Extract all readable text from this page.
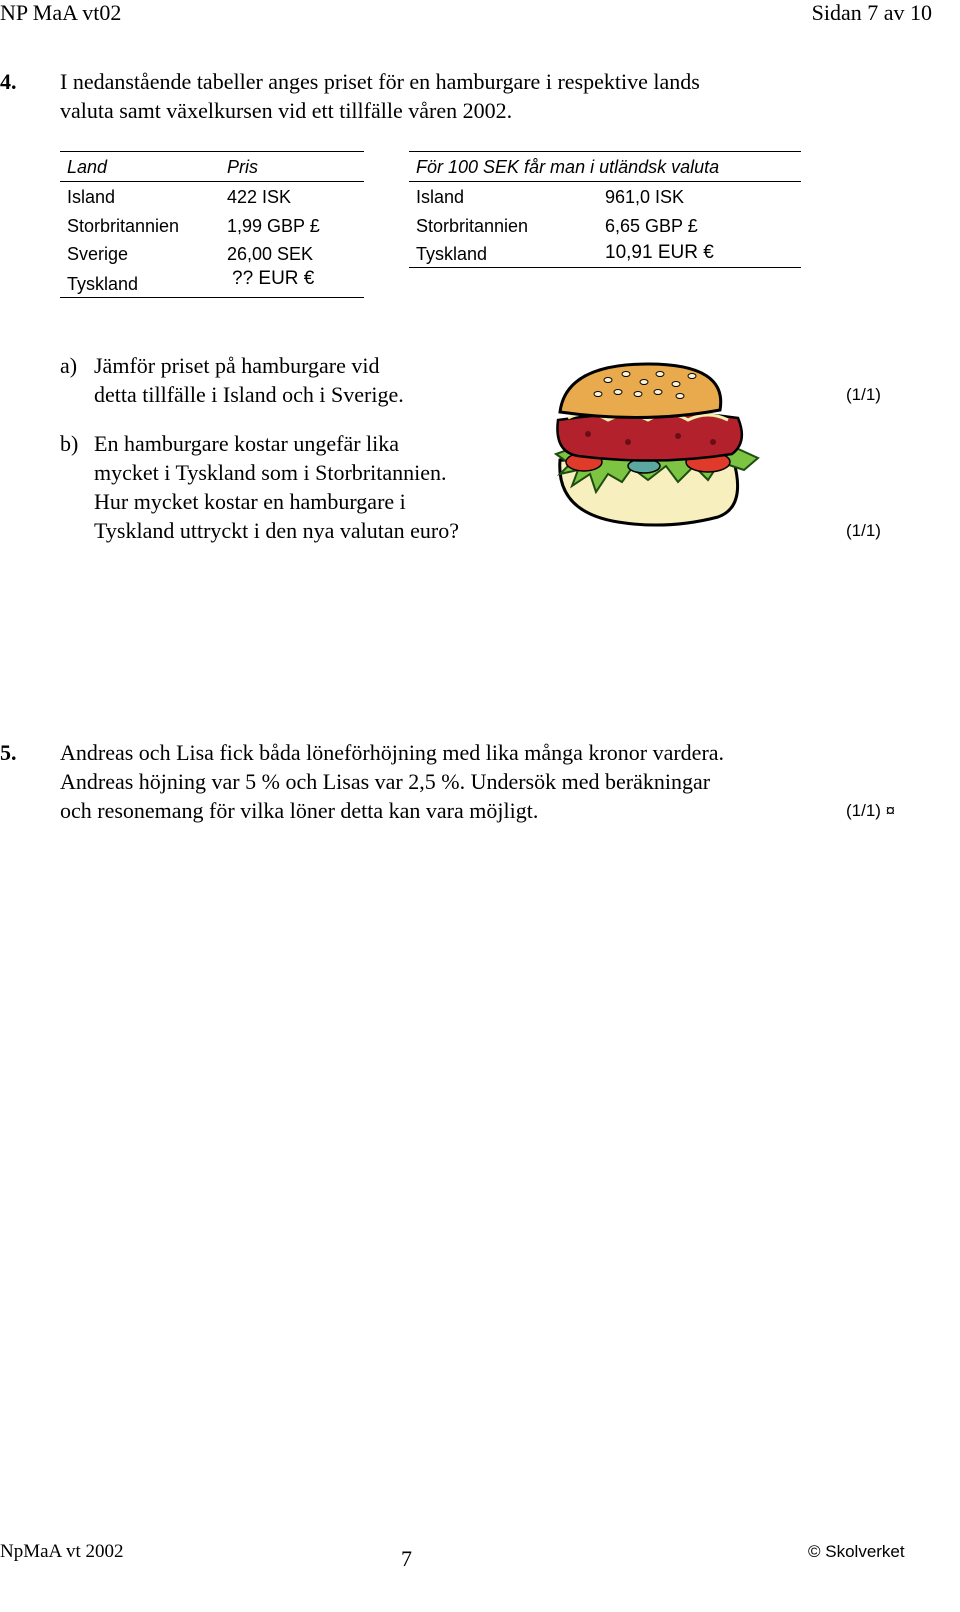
NP MaA vt02	Sidan 7 av 10
4. I nedanstående tabeller anges priset för en hamburgare i respektive lands
valuta samt växelkursen vid ett tillfälle våren 2002.
Land	Pris
Island	422 ISK
Storbritannien	1,99 GBP £
Sverige	26,00 SEK
Tyskland	?? EUR €
För 100 SEK får man i utländsk valuta
Island	961,0 ISK
Storbritannien	6,65 GBP £
Tyskland	10,91 EUR €
a) Jämför priset på hamburgare vid
detta tillfälle i Island och i Sverige.	(1/1)
b) En hamburgare kostar ungefär lika
mycket i Tyskland som i Storbritannien.
Hur mycket kostar en hamburgare i
Tyskland uttryckt i den nya valutan euro?	(1/1)
5. Andreas och Lisa fick båda löneförhöjning med lika många kronor vardera.
Andreas höjning var 5 % och Lisas var 2,5 %. Undersök med beräkningar
och resonemang för vilka löner detta kan vara möjligt.	(1/1) ¤
NpMaA vt 2002	7	© Skolverket
